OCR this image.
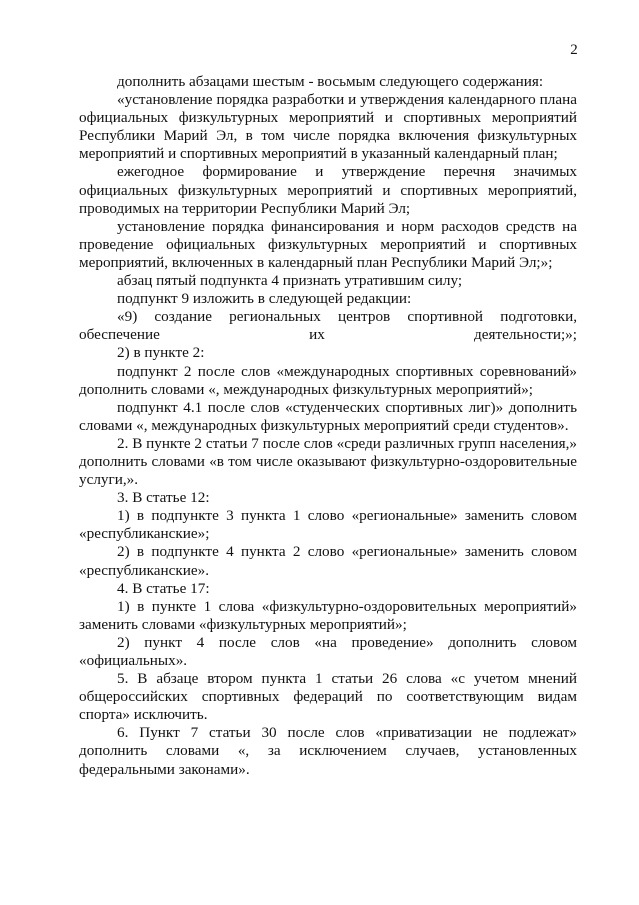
2

дополнить абзацами шестым - восьмым следующего содержания:

«установление порядка разработки и утверждения календарного плана официальных физкультурных мероприятий и спортивных мероприятий Республики Марий Эл, в том числе порядка включения физкультурных мероприятий и спортивных мероприятий в указанный календарный план;

ежегодное формирование и утверждение перечня значимых официальных физкультурных мероприятий и спортивных мероприятий, проводимых на территории Республики Марий Эл;

установление порядка финансирования и норм расходов средств на проведение официальных физкультурных мероприятий и спортивных мероприятий, включенных в календарный план Республики Марий Эл;»;

абзац пятый подпункта 4 признать утратившим силу;

подпункт 9 изложить в следующей редакции:

«9) создание региональных центров спортивной подготовки, обеспечение их деятельности;»;

2) в пункте 2:

подпункт 2 после слов «международных спортивных соревнований» дополнить словами «, международных физкультурных мероприятий»;

подпункт 4.1 после слов «студенческих спортивных лиг)» дополнить словами «, международных физкультурных мероприятий среди студентов».

2. В пункте 2 статьи 7 после слов «среди различных групп населения,» дополнить словами «в том числе оказывают физкультурно-оздоровительные услуги,».

3. В статье 12:

1) в подпункте 3 пункта 1 слово «региональные» заменить словом «республиканские»;

2) в подпункте 4 пункта 2 слово «региональные» заменить словом «республиканские».

4. В статье 17:

1) в пункте 1 слова «физкультурно-оздоровительных мероприятий» заменить словами «физкультурных мероприятий»;

2) пункт 4 после слов «на проведение» дополнить словом «официальных».

5. В абзаце втором пункта 1 статьи 26 слова «с учетом мнений общероссийских спортивных федераций по соответствующим видам спорта» исключить.

6. Пункт 7 статьи 30 после слов «приватизации не подлежат» дополнить словами «, за исключением случаев, установленных федеральными законами».
